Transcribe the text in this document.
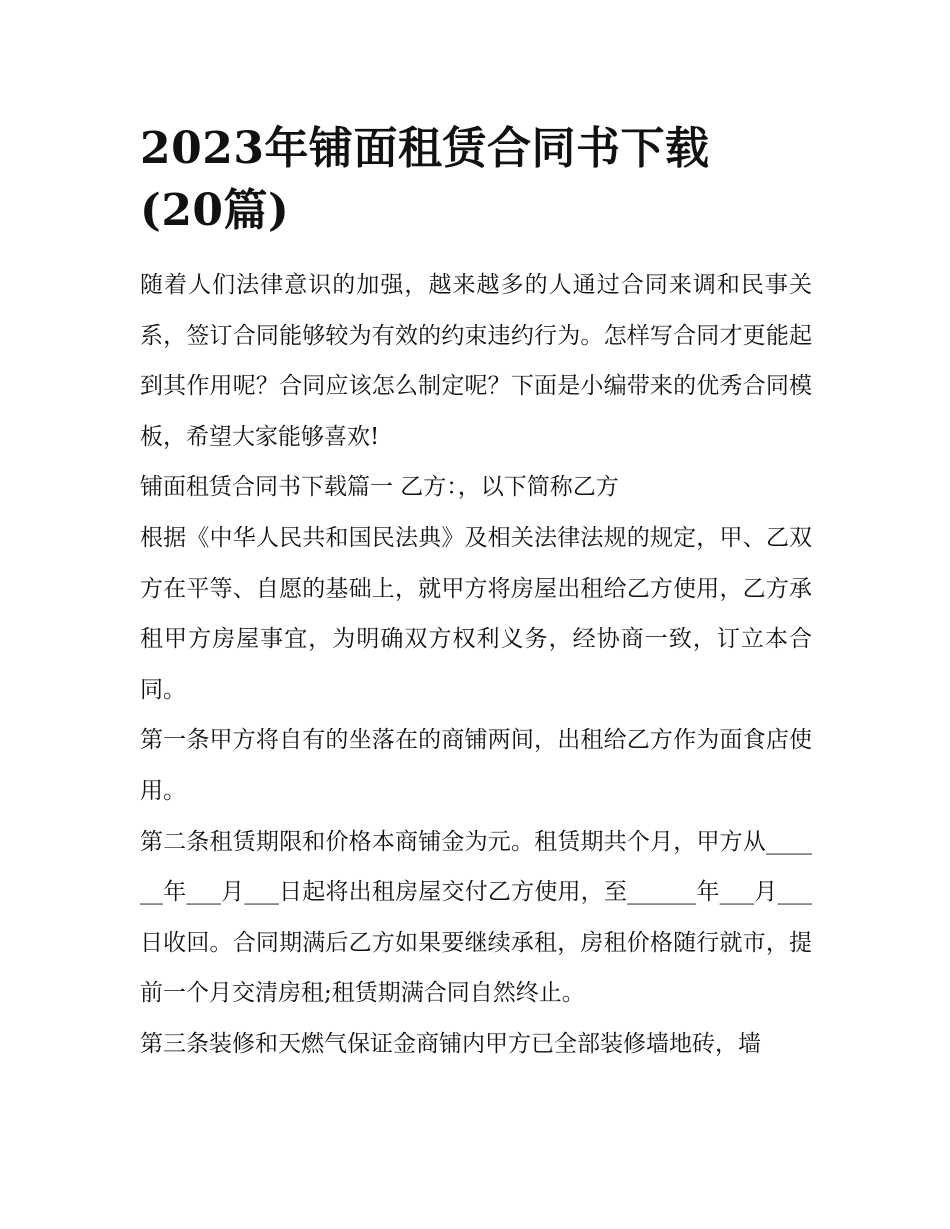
2023年铺面租赁合同书下载
(20篇)

随着人们法律意识的加强，越来越多的人通过合同来调和民事关系，签订合同能够较为有效的约束违约行为。怎样写合同才更能起到其作用呢？合同应该怎么制定呢？下面是小编带来的优秀合同模板，希望大家能够喜欢!

铺面租赁合同书下载篇一 乙方：，以下简称乙方

根据《中华人民共和国民法典》及相关法律法规的规定，甲、乙双方在平等、自愿的基础上，就甲方将房屋出租给乙方使用，乙方承租甲方房屋事宜，为明确双方权利义务，经协商一致，订立本合同。

第一条甲方将自有的坐落在的商铺两间，出租给乙方作为面食店使用。

第二条租赁期限和价格本商铺金为元。租赁期共个月，甲方从______年___月___日起将出租房屋交付乙方使用，至______年___月___日收回。合同期满后乙方如果要继续承租，房租价格随行就市，提前一个月交清房租;租赁期满合同自然终止。

第三条装修和天燃气保证金商铺内甲方已全部装修墙地砖，墙
